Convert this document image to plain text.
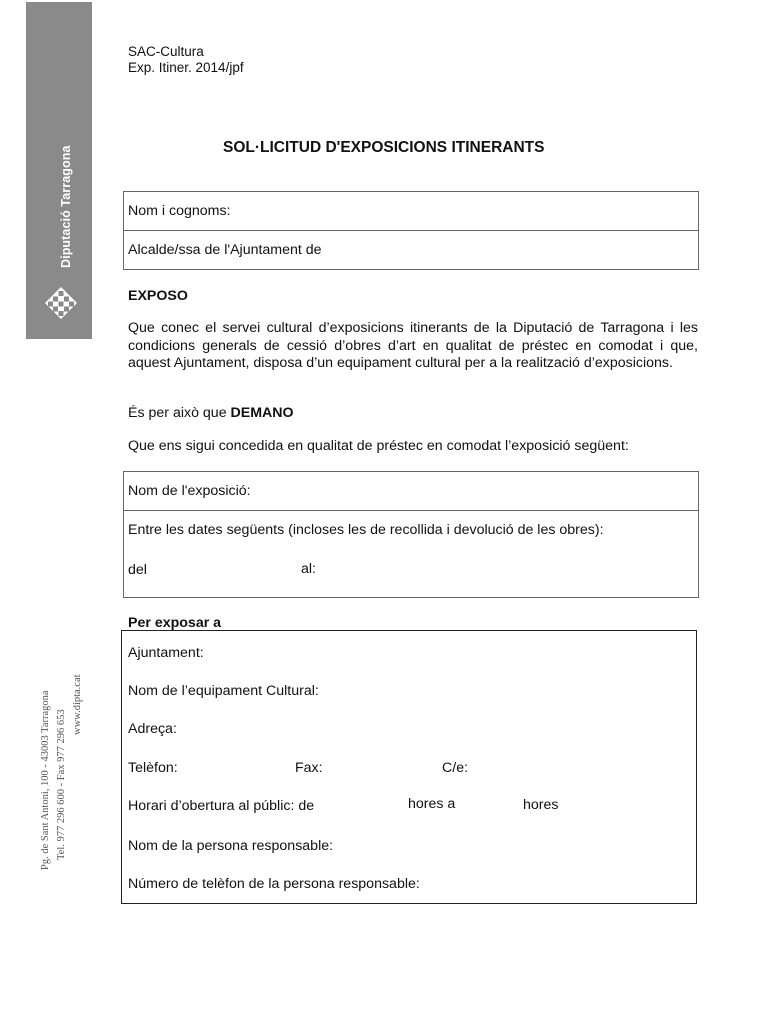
Diputació Tarragona
Pg. de Sant Antoni, 100 - 43003 Tarragona Tel. 977 296 600 - Fax 977 296 653
www.dipta.cat
SAC-Cultura
Exp. Itiner. 2014/jpf
SOL·LICITUD D'EXPOSICIONS ITINERANTS
Nom i cognoms:
Alcalde/ssa de l'Ajuntament de
EXPOSO
Que conec el servei cultural d’exposicions itinerants de la Diputació de Tarragona i les condicions generals de cessió d’obres d’art en qualitat de préstec en comodat i que, aquest Ajuntament, disposa d’un equipament cultural per a la realització d’exposicions.
És per això que DEMANO
Que ens sigui concedida en qualitat de préstec en comodat l’exposició següent:
Nom de l'exposició:
Entre les dates següents (incloses les de recollida i devolució de les obres):
del	al:
Per exposar a
Ajuntament:
Nom de l’equipament Cultural:
Adreça:
Telèfon:	Fax:	C/e:
Horari d’obertura al públic: de	hores a	hores
Nom de la persona responsable:
Número de telèfon de la persona responsable:
